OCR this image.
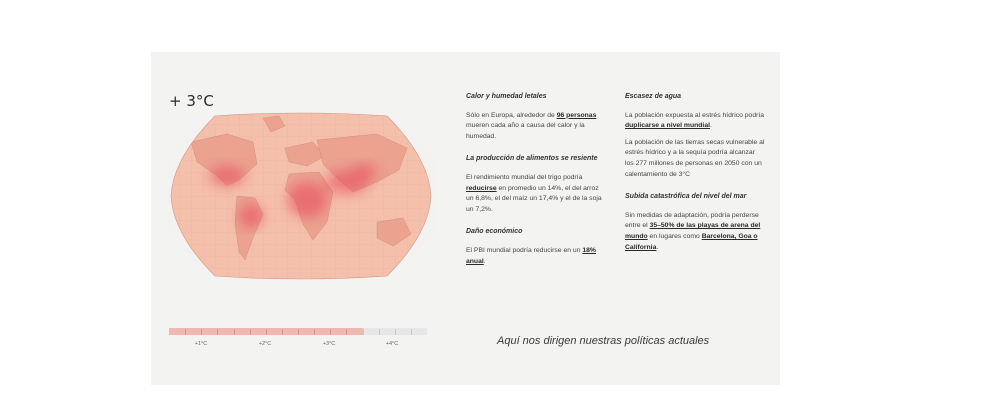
+ 3°C	Calor y humedad letales

Sólo en Europa, alrededor de 96 personas mueren cada año a causa del calor y la humedad.

La producción de alimentos se resiente

El rendimiento mundial del trigo podría reducirse en promedio un 14%, el del arroz un 6,8%, el del maíz un 17,4% y el de la soja un 7,2%.

Daño económico

El PBI mundial podría reducirse en un 18% anual.

Escasez de agua

La población expuesta al estrés hídrico podría duplicarse a nivel mundial.

La población de las tierras secas vulnerable al estrés hídrico y a la sequía podría alcanzar los 277 millones de personas en 2050 con un calentamiento de 3°C

Subida catastrófica del nivel del mar

Sin medidas de adaptación, podría perderse entre el 35–50% de las playas de arena del mundo en lugares como Barcelona, Goa o California.

+1°C	+2°C	+3°C	+4°C	Aquí nos dirigen nuestras políticas actuales
